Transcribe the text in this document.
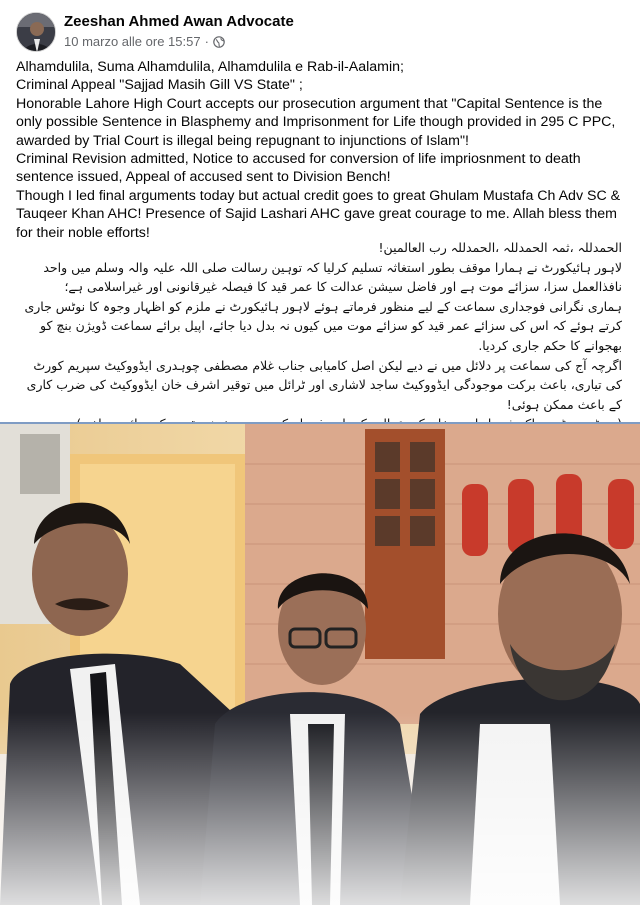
Zeeshan Ahmed Awan Advocate
10 marzo alle ore 15:57 ·

Alhamdulila, Suma Alhamdulila, Alhamdulila e Rab-il-Aalamin;

Criminal Appeal "Sajjad Masih Gill VS State" ;

Honorable Lahore High Court accepts our prosecution argument that "Capital Sentence is the only possible Sentence in Blasphemy and Imprisonment for Life though provided in 295 C PPC, awarded by Trial Court is illegal being repugnant to injunctions of Islam"!

Criminal Revision admitted, Notice to accused for conversion of life impriosnment to death sentence issued, Appeal of accused sent to Division Bench!

Though I led final arguments today but actual credit goes to great Ghulam Mustafa Ch Adv SC & Tauqeer Khan AHC! Presence of Sajid Lashari AHC gave great courage to me. Allah bless them for their noble efforts!

الحمدللہ ،ثمہ الحمدللہ ،الحمدللہ رب العالمین!

لاہور ہائیکورٹ نے ہمارا موقف بطور استغاثہ تسلیم کرلیا کہ توہین رسالت صلی اللہ علیہ والہ وسلم میں واحد نافذالعمل سزا، سزائے موت ہے اور فاضل سیشن عدالت کا عمر قید کا فیصلہ غیرقانونی اور غیراسلامی ہے؛

ہماری نگرانی فوجداری سماعت کے لیے منظور فرماتے ہوئے لاہور ہائیکورٹ نے ملزم کو اظہار وجوہ کا نوٹس جاری کرتے ہوئے کہ اس کی سزائے عمر قید کو سزائے موت میں کیوں نہ بدل دیا جائے، اپیل برائے سماعت ڈویژن بنچ کو بھجوانے کا حکم جاری کردیا.

اگرچہ آج کی سماعت پر دلائل میں نے دیے لیکن اصل کامیابی جناب غلام مصطفی چوہدری ایڈووکیٹ سپریم کورٹ کی تیاری، باعث برکت موجودگی ایڈووکیٹ ساجد لاشاری اور ٹرائل میں توقیر اشرف خان ایڈووکیٹ کی ضرب کاری کے باعث ممکن ہوئی!
